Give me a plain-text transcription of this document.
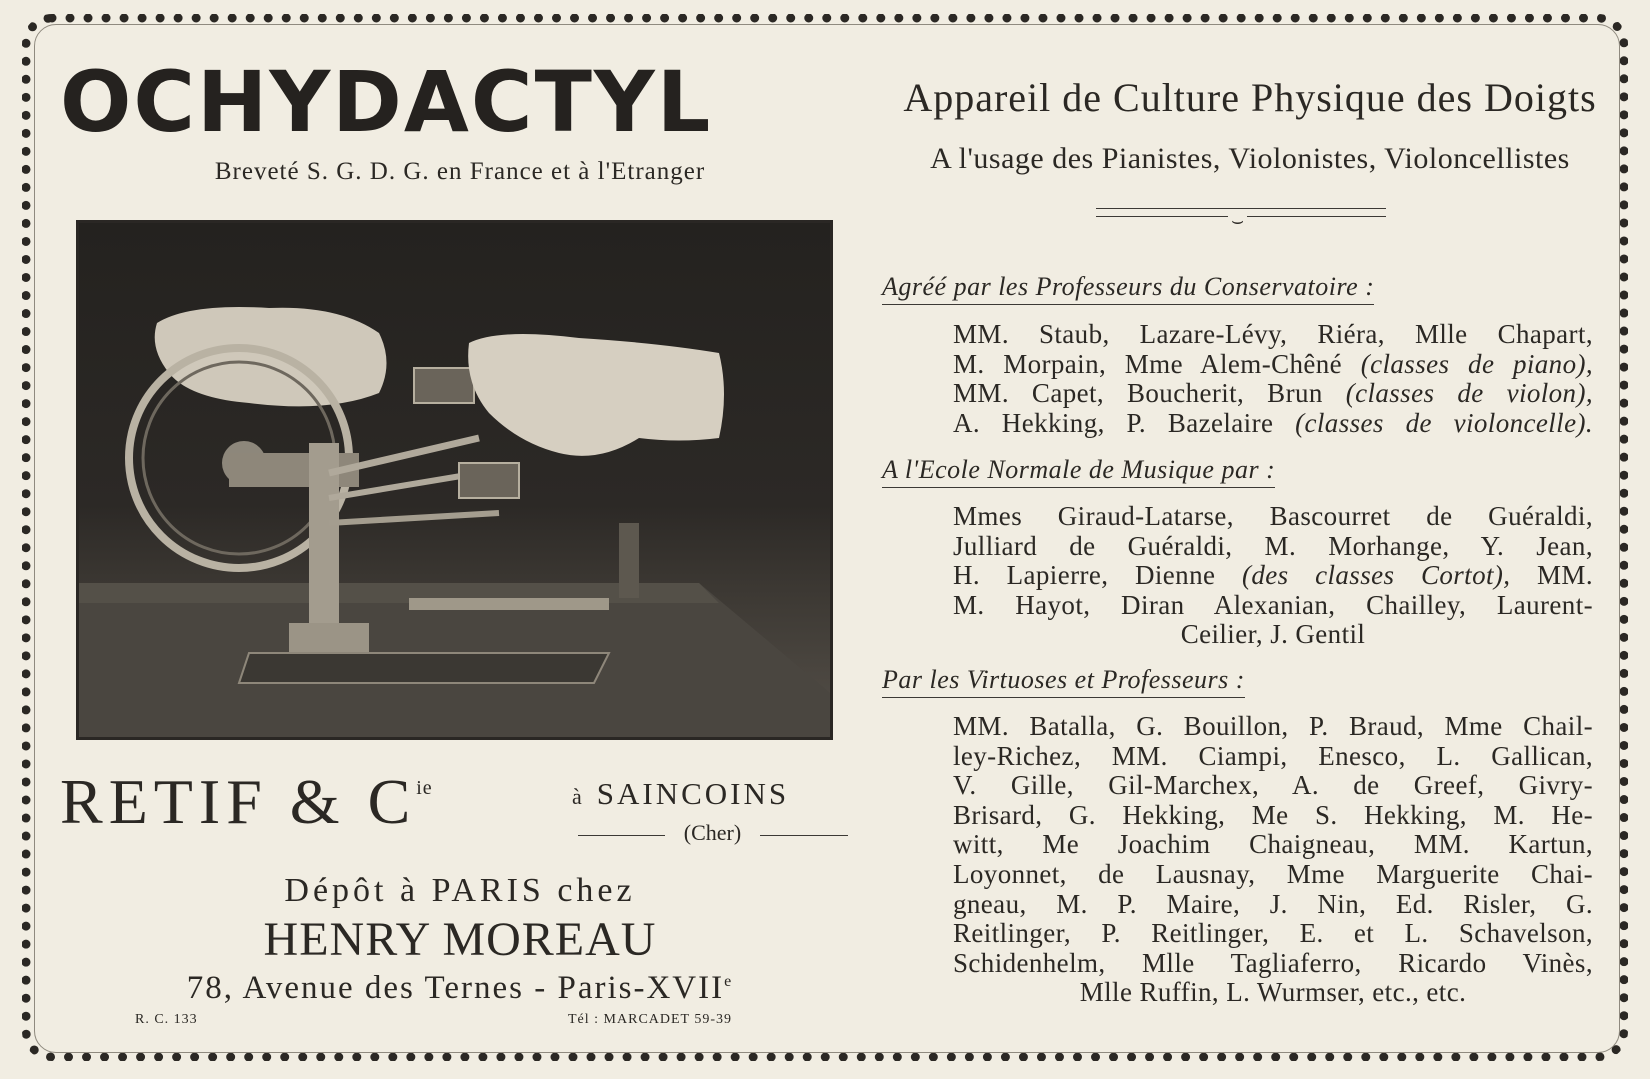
OCHYDACTYL
Breveté S. G. D. G. en France et à l'Etranger
RETIF & $C^{ie}$	à SAINCOINS
(Cher)
Dépôt à PARIS chez
HENRY MOREAU
78, Avenue des Ternes - Paris-XVIIe
R. C. 133	Tél : MARCADET 59-39
Appareil de Culture Physique des Doigts
A l'usage des Pianistes, Violonistes, Violoncellistes
⌣
Agréé par les Professeurs du Conservatoire :
MM. Staub, Lazare-Lévy, Riéra, Mlle Chapart,
M. Morpain, Mme Alem-Chêné (classes de piano),
MM. Capet, Boucherit, Brun (classes de violon),
A. Hekking, P. Bazelaire (classes de violoncelle).
A l'Ecole Normale de Musique par :
Mmes Giraud-Latarse, Bascourret de Guéraldi,
Julliard de Guéraldi, M. Morhange, Y. Jean,
H. Lapierre, Dienne (des classes Cortot), MM.
M. Hayot, Diran Alexanian, Chailley, Laurent-
Ceilier, J. Gentil
Par les Virtuoses et Professeurs :
MM. Batalla, G. Bouillon, P. Braud, Mme Chail-
ley-Richez, MM. Ciampi, Enesco, L. Gallican,
V. Gille, Gil-Marchex, A. de Greef, Givry-
Brisard, G. Hekking, Me S. Hekking, M. He-
witt, Me Joachim Chaigneau, MM. Kartun,
Loyonnet, de Lausnay, Mme Marguerite Chai-
gneau, M. P. Maire, J. Nin, Ed. Risler, G.
Reitlinger, P. Reitlinger, E. et L. Schavelson,
Schidenhelm, Mlle Tagliaferro, Ricardo Vinès,
Mlle Ruffin, L. Wurmser, etc., etc.
